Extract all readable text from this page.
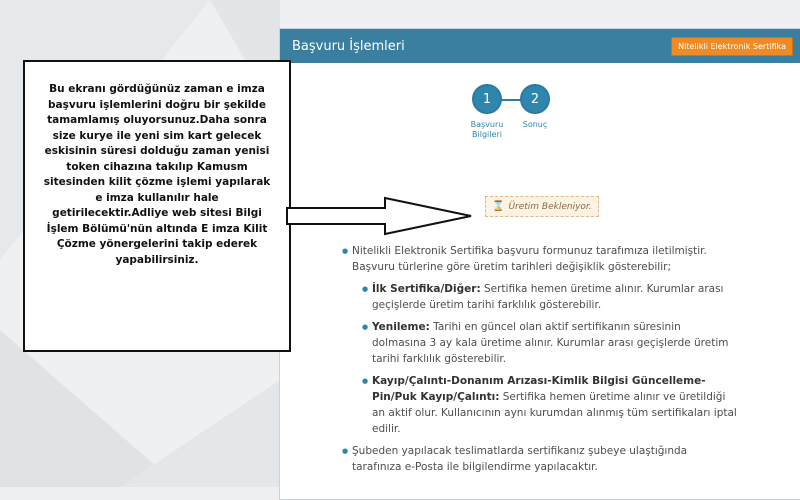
Başvuru İşlemleri	Nitelikli Elektronik Sertifika
1	2
Başvuru Bilgileri
Sonuç
⌛ Üretim Bekleniyor.
● Nitelikli Elektronik Sertifika başvuru formunuz tarafımıza iletilmiştir. Başvuru türlerine göre üretim tarihleri değişiklik gösterebilir;
● İlk Sertifika/Diğer: Sertifika hemen üretime alınır. Kurumlar arası geçişlerde üretim tarihi farklılık gösterebilir.
● Yenileme: Tarihi en güncel olan aktif sertifikanın süresinin dolmasına 3 ay kala üretime alınır. Kurumlar arası geçişlerde üretim tarihi farklılık gösterebilir.
● Kayıp/Çalıntı-Donanım Arızası-Kimlik Bilgisi Güncelleme-Pin/Puk Kayıp/Çalıntı: Sertifika hemen üretime alınır ve üretildiği an aktif olur. Kullanıcının aynı kurumdan alınmış tüm sertifikaları iptal edilir.
● Şubeden yapılacak teslimatlarda sertifikanız şubeye ulaştığında tarafınıza e-Posta ile bilgilendirme yapılacaktır.
Bu ekranı gördüğünüz zaman e imza başvuru işlemlerini doğru bir şekilde tamamlamış oluyorsunuz.Daha sonra size kurye ile yeni sim kart gelecek eskisinin süresi dolduğu zaman yenisi token cihazına takılıp Kamusm sitesinden kilit çözme işlemi yapılarak e imza kullanılır hale getirilecektir.Adliye web sitesi Bilgi İşlem Bölümü'nün altında E imza Kilit Çözme yönergelerini takip ederek yapabilirsiniz.
